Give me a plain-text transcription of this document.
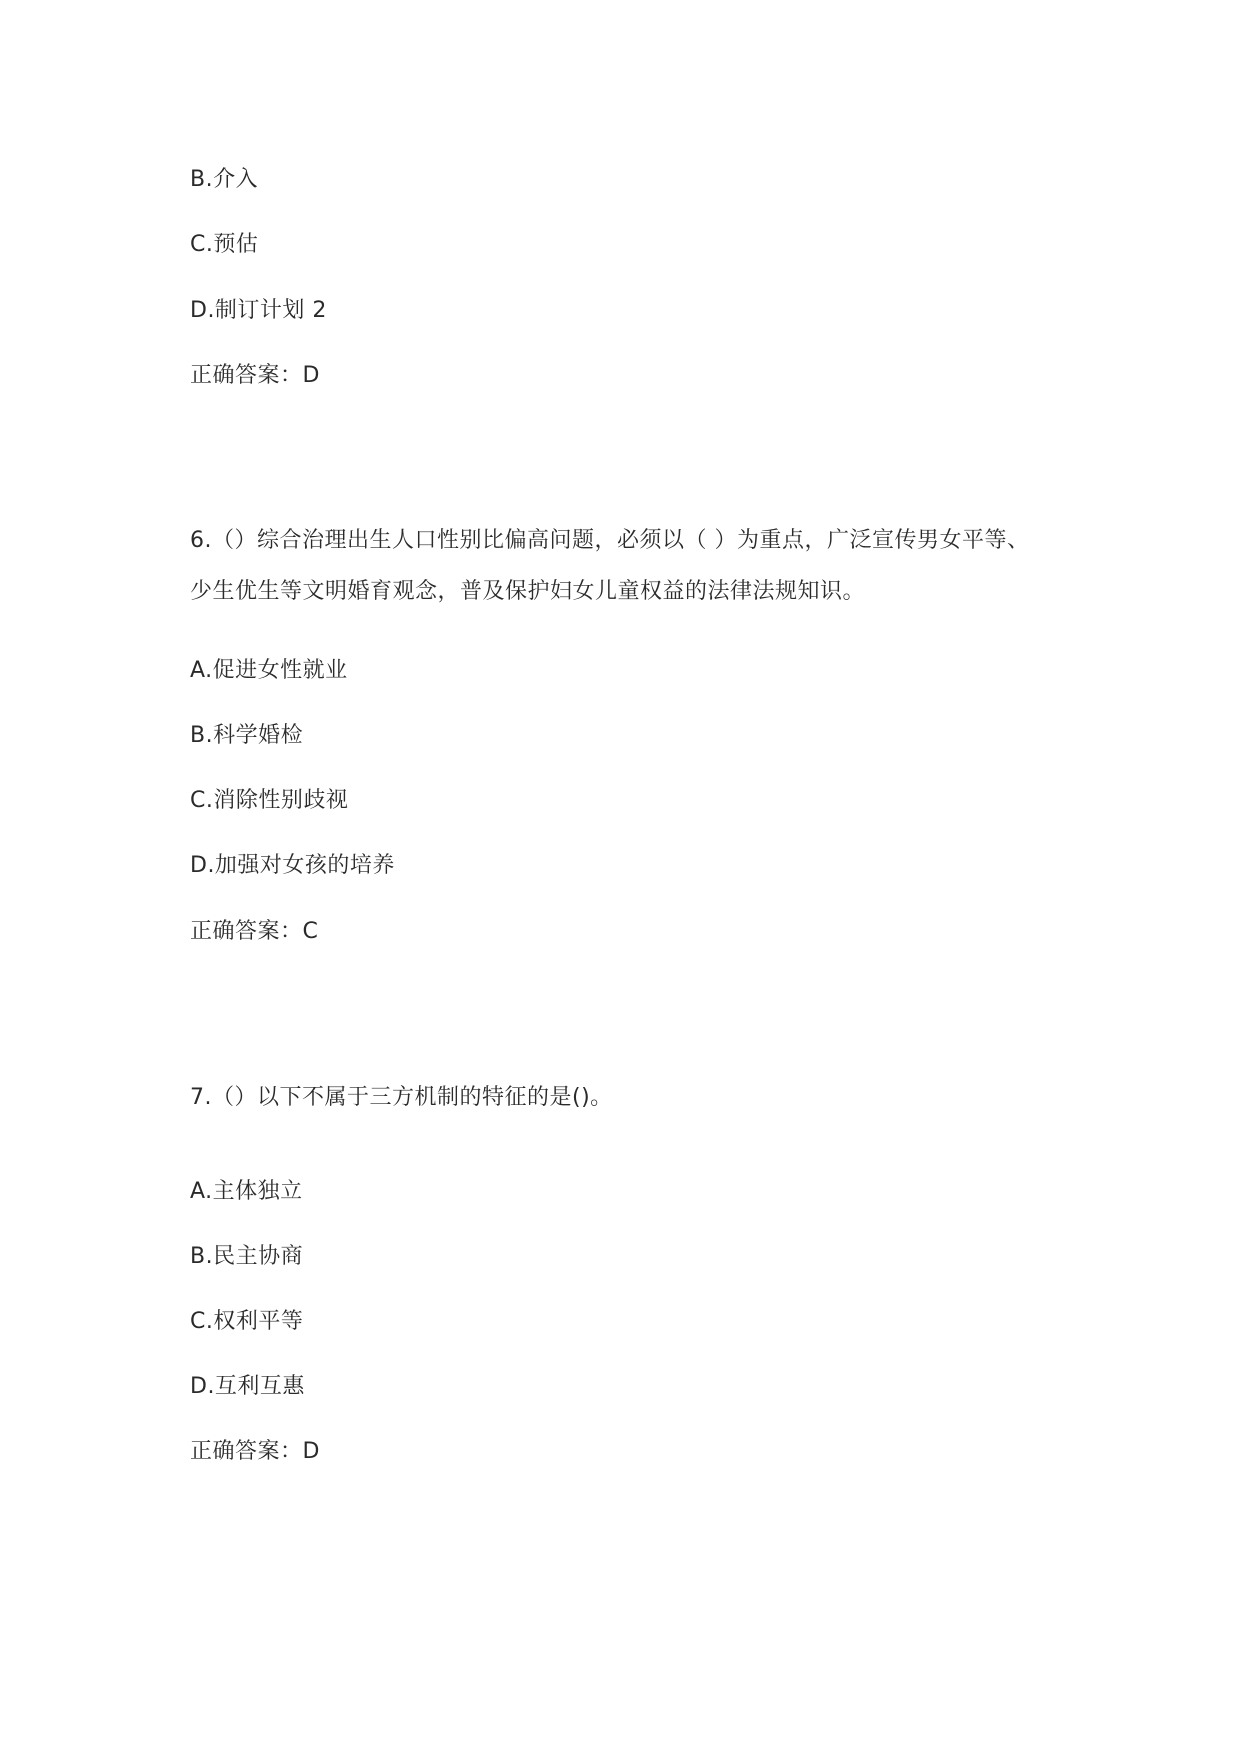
B.介入
C.预估
D.制订计划 2
正确答案：D
6.（）综合治理出生人口性别比偏高问题，必须以（ ）为重点，广泛宣传男女平等、
少生优生等文明婚育观念，普及保护妇女儿童权益的法律法规知识。
A.促进女性就业
B.科学婚检
C.消除性别歧视
D.加强对女孩的培养
正确答案：C
7.（）以下不属于三方机制的特征的是()。
A.主体独立
B.民主协商
C.权利平等
D.互利互惠
正确答案：D
